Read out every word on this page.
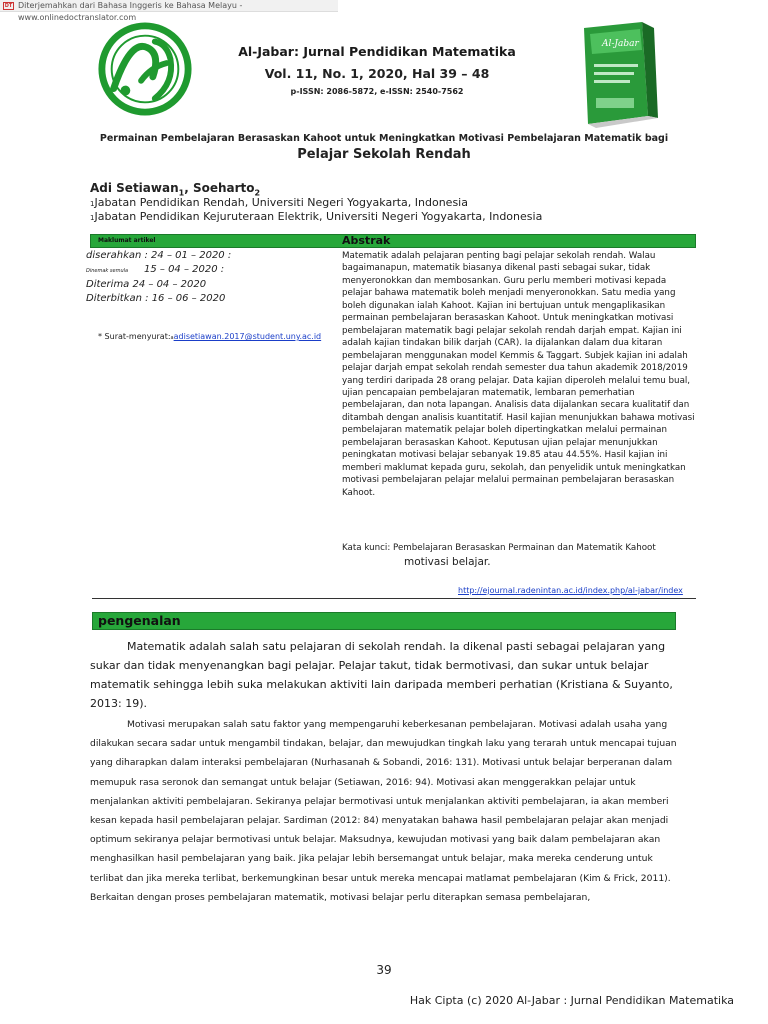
DT Diterjemahkan dari Bahasa Inggeris ke Bahasa Melayu - www.onlinedoctranslator.com
Al-Jabar: Jurnal Pendidikan Matematika
Vol. 11, No. 1, 2020, Hal 39 – 48
p-ISSN: 2086-5872, e-ISSN: 2540-7562
Al-Jabar
Permainan Pembelajaran Berasaskan Kahoot untuk Meningkatkan Motivasi Pembelajaran Matematik bagi
Pelajar Sekolah Rendah
Adi Setiawan$_1$, Soeharto$_2$
1Jabatan Pendidikan Rendah, Universiti Negeri Yogyakarta, Indonesia
1Jabatan Pendidikan Kejuruteraan Elektrik, Universiti Negeri Yogyakarta, Indonesia
Maklumat artikel	Abstrak
diserahkan : 24 – 01 – 2020 :
Dinemak semula 15 – 04 – 2020 :
Diterima 24 – 04 – 2020
Diterbitkan : 16 – 06 – 2020
* Surat-menyurat:aadisetiawan.2017@student.uny.ac.id
Matematik adalah pelajaran penting bagi pelajar sekolah rendah. Walau bagaimanapun, matematik biasanya dikenal pasti sebagai sukar, tidak menyeronokkan dan membosankan. Guru perlu memberi motivasi kepada pelajar bahawa matematik boleh menjadi menyeronokkan. Satu media yang boleh digunakan ialah Kahoot. Kajian ini bertujuan untuk mengaplikasikan permainan pembelajaran berasaskan Kahoot. Untuk meningkatkan motivasi pembelajaran matematik bagi pelajar sekolah rendah darjah empat. Kajian ini adalah kajian tindakan bilik darjah (CAR). Ia dijalankan dalam dua kitaran pembelajaran menggunakan model Kemmis & Taggart. Subjek kajian ini adalah pelajar darjah empat sekolah rendah semester dua tahun akademik 2018/2019 yang terdiri daripada 28 orang pelajar. Data kajian diperoleh melalui temu bual, ujian pencapaian pembelajaran matematik, lembaran pemerhatian pembelajaran, dan nota lapangan. Analisis data dijalankan secara kualitatif dan ditambah dengan analisis kuantitatif. Hasil kajian menunjukkan bahawa motivasi pembelajaran matematik pelajar boleh dipertingkatkan melalui permainan pembelajaran berasaskan Kahoot. Keputusan ujian pelajar menunjukkan peningkatan motivasi belajar sebanyak 19.85 atau 44.55%. Hasil kajian ini memberi maklumat kepada guru, sekolah, dan penyelidik untuk meningkatkan motivasi pembelajaran pelajar melalui permainan pembelajaran berasaskan Kahoot.
Kata kunci: Pembelajaran Berasaskan Permainan dan Matematik Kahoot
motivasi belajar.
http://ejournal.radenintan.ac.id/index.php/al-jabar/index
pengenalan

Matematik adalah salah satu pelajaran di sekolah rendah. Ia dikenal pasti sebagai pelajaran yang sukar dan tidak menyenangkan bagi pelajar. Pelajar takut, tidak bermotivasi, dan sukar untuk belajar matematik sehingga lebih suka melakukan aktiviti lain daripada memberi perhatian (Kristiana & Suyanto, 2013: 19).

Motivasi merupakan salah satu faktor yang mempengaruhi keberkesanan pembelajaran. Motivasi adalah usaha yang dilakukan secara sadar untuk mengambil tindakan, belajar, dan mewujudkan tingkah laku yang terarah untuk mencapai tujuan yang diharapkan dalam interaksi pembelajaran (Nurhasanah & Sobandi, 2016: 131). Motivasi untuk belajar berperanan dalam memupuk rasa seronok dan semangat untuk belajar (Setiawan, 2016: 94). Motivasi akan menggerakkan pelajar untuk menjalankan aktiviti pembelajaran. Sekiranya pelajar bermotivasi untuk menjalankan aktiviti pembelajaran, ia akan memberi kesan kepada hasil pembelajaran pelajar. Sardiman (2012: 84) menyatakan bahawa hasil pembelajaran pelajar akan menjadi optimum sekiranya pelajar bermotivasi untuk belajar. Maksudnya, kewujudan motivasi yang baik dalam pembelajaran akan menghasilkan hasil pembelajaran yang baik. Jika pelajar lebih bersemangat untuk belajar, maka mereka cenderung untuk terlibat dan jika mereka terlibat, berkemungkinan besar untuk mereka mencapai matlamat pembelajaran (Kim & Frick, 2011). Berkaitan dengan proses pembelajaran matematik, motivasi belajar perlu diterapkan semasa pembelajaran,

39
Hak Cipta (c) 2020 Al-Jabar : Jurnal Pendidikan Matematika
